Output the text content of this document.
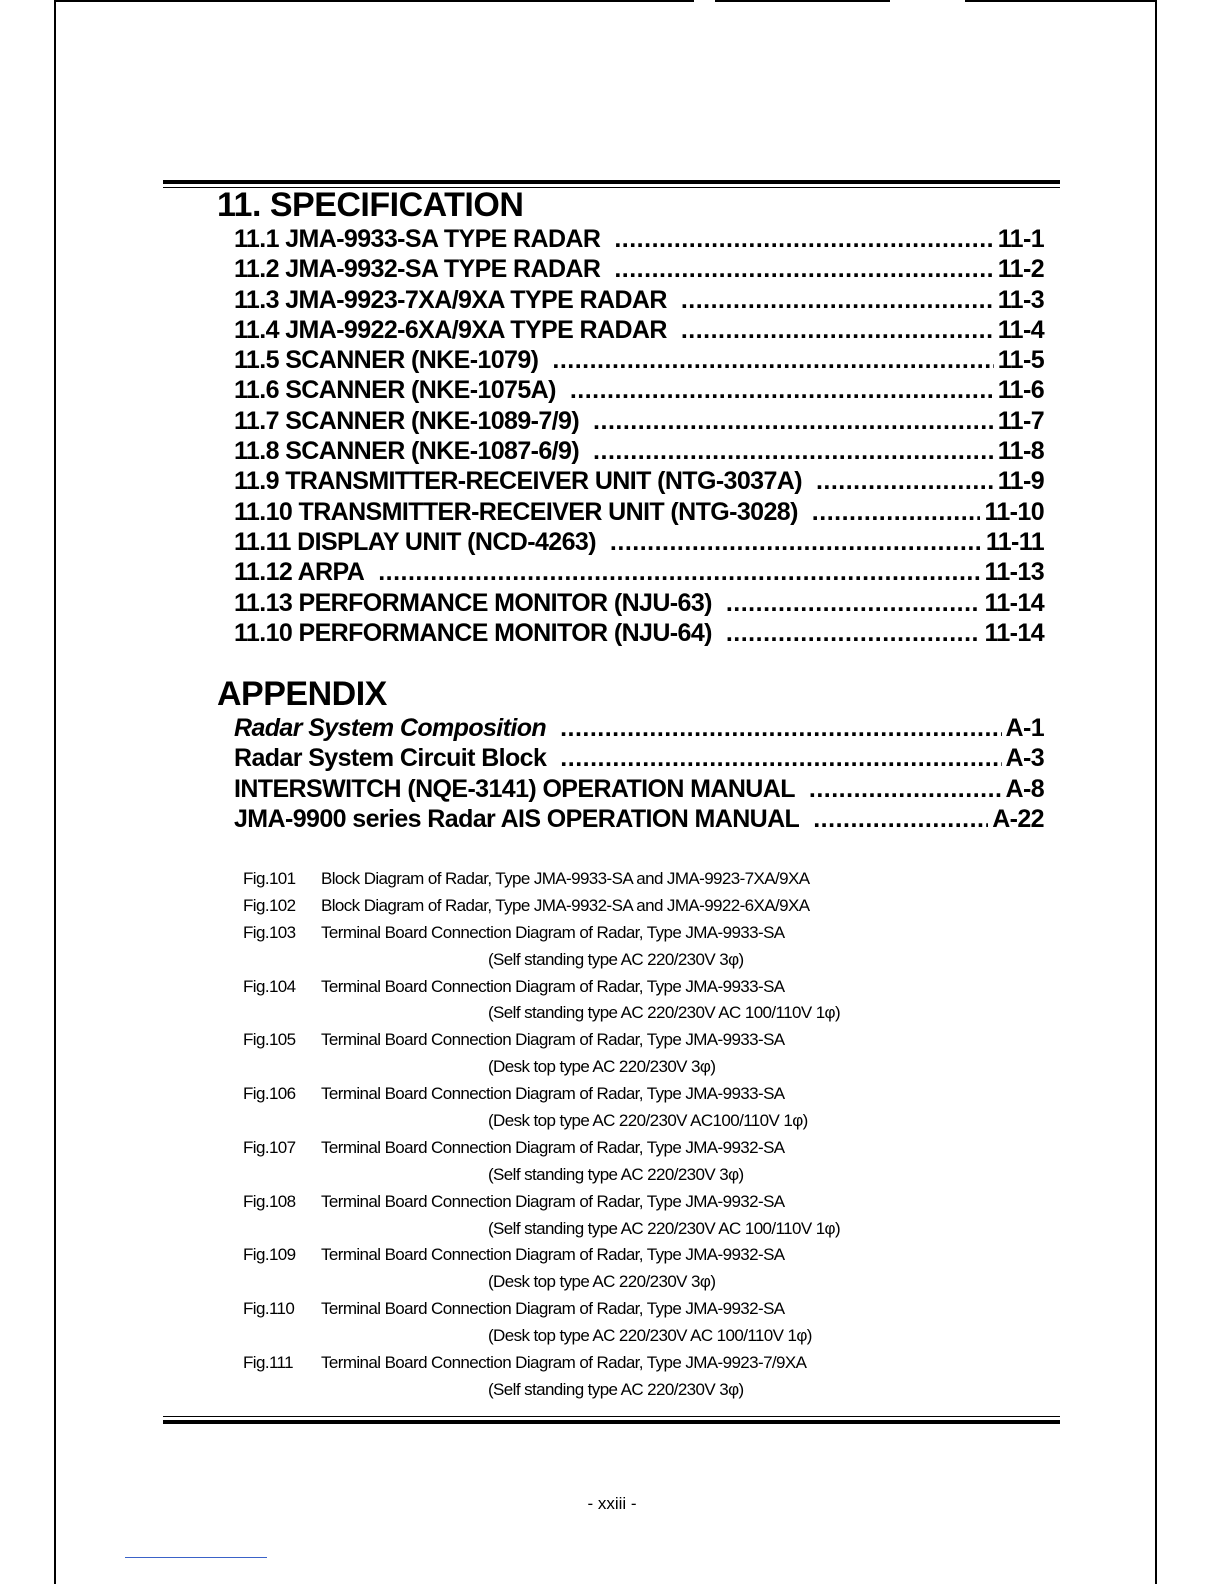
11. SPECIFICATION
11.1 JMA-9933-SA TYPE RADAR .....	11-1
11.2 JMA-9932-SA TYPE RADAR .....	11-2
11.3 JMA-9923-7XA/9XA TYPE RADAR .....	11-3
11.4 JMA-9922-6XA/9XA TYPE RADAR .....	11-4
11.5 SCANNER (NKE-1079) .....	11-5
11.6 SCANNER (NKE-1075A) .....	11-6
11.7 SCANNER (NKE-1089-7/9) .....	11-7
11.8 SCANNER (NKE-1087-6/9) .....	11-8
11.9 TRANSMITTER-RECEIVER UNIT (NTG-3037A) .....	11-9
11.10 TRANSMITTER-RECEIVER UNIT (NTG-3028) .....	11-10
11.11 DISPLAY UNIT (NCD-4263) .....	11-11
11.12 ARPA .....	11-13
11.13 PERFORMANCE MONITOR (NJU-63) .....	11-14
11.10 PERFORMANCE MONITOR (NJU-64) .....	11-14
APPENDIX
Radar System Composition .....	A-1
Radar System Circuit Block .....	A-3
INTERSWITCH (NQE-3141) OPERATION MANUAL .....	A-8
JMA-9900 series Radar AIS OPERATION MANUAL .....	A-22
Fig.101	Block Diagram of Radar, Type JMA-9933-SA and JMA-9923-7XA/9XA
Fig.102	Block Diagram of Radar, Type JMA-9932-SA and JMA-9922-6XA/9XA
Fig.103	Terminal Board Connection Diagram of Radar, Type JMA-9933-SA
(Self standing type AC 220/230V 3φ)
Fig.104	Terminal Board Connection Diagram of Radar, Type JMA-9933-SA
(Self standing type AC 220/230V AC 100/110V 1φ)
Fig.105	Terminal Board Connection Diagram of Radar, Type JMA-9933-SA
(Desk top type AC 220/230V 3φ)
Fig.106	Terminal Board Connection Diagram of Radar, Type JMA-9933-SA
(Desk top type AC 220/230V AC100/110V 1φ)
Fig.107	Terminal Board Connection Diagram of Radar, Type JMA-9932-SA
(Self standing type AC 220/230V 3φ)
Fig.108	Terminal Board Connection Diagram of Radar, Type JMA-9932-SA
(Self standing type AC 220/230V AC 100/110V 1φ)
Fig.109	Terminal Board Connection Diagram of Radar, Type JMA-9932-SA
(Desk top type AC 220/230V 3φ)
Fig.110	Terminal Board Connection Diagram of Radar, Type JMA-9932-SA
(Desk top type AC 220/230V AC 100/110V 1φ)
Fig.111	Terminal Board Connection Diagram of Radar, Type JMA-9923-7/9XA
(Self standing type AC 220/230V 3φ)
- xxiii -
